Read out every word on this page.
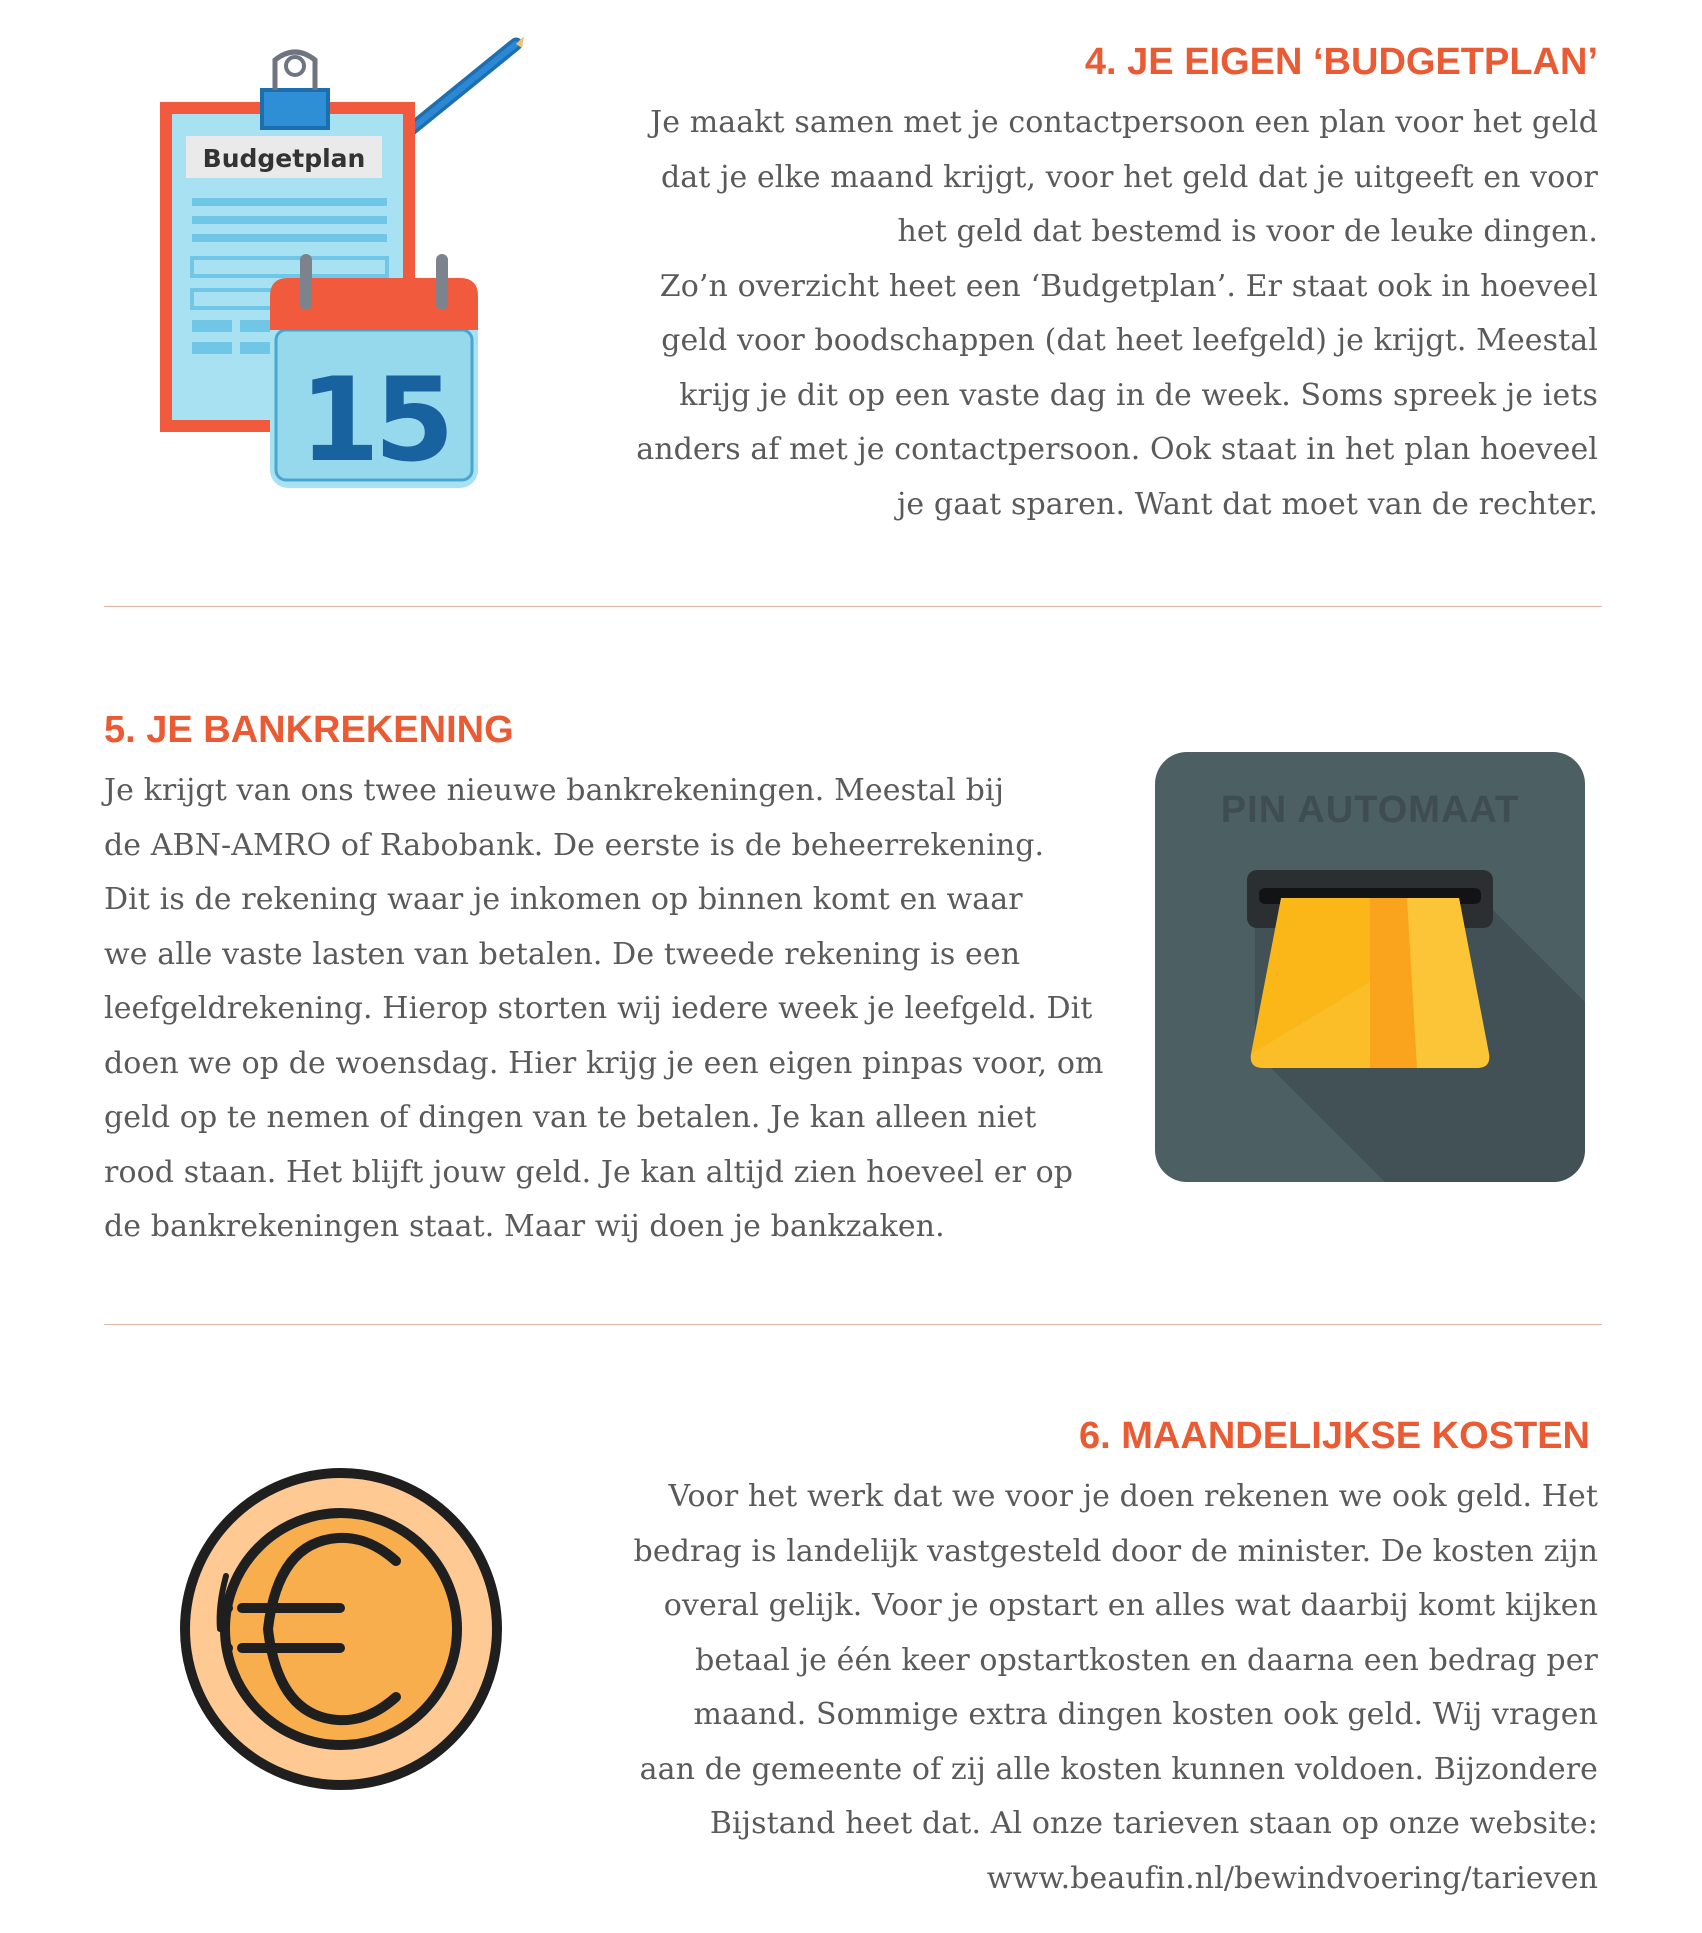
Budgetplan
15
4. JE EIGEN ‘BUDGETPLAN’
Je maakt samen met je contactpersoon een plan voor het geld
dat je elke maand krijgt, voor het geld dat je uitgeeft en voor
het geld dat bestemd is voor de leuke dingen.
Zo’n overzicht heet een ‘Budgetplan’. Er staat ook in hoeveel
geld voor boodschappen (dat heet leefgeld) je krijgt. Meestal
krijg je dit op een vaste dag in de week. Soms spreek je iets
anders af met je contactpersoon. Ook staat in het plan hoeveel
je gaat sparen. Want dat moet van de rechter.
5. JE BANKREKENING
Je krijgt van ons twee nieuwe bankrekeningen. Meestal bij
de ABN-AMRO of Rabobank. De eerste is de beheerrekening.
Dit is de rekening waar je inkomen op binnen komt en waar
we alle vaste lasten van betalen. De tweede rekening is een
leefgeldrekening. Hierop storten wij iedere week je leefgeld. Dit
doen we op de woensdag. Hier krijg je een eigen pinpas voor, om
geld op te nemen of dingen van te betalen. Je kan alleen niet
rood staan. Het blijft jouw geld. Je kan altijd zien hoeveel er op
de bankrekeningen staat. Maar wij doen je bankzaken.
PIN AUTOMAAT
6. MAANDELIJKSE KOSTEN
Voor het werk dat we voor je doen rekenen we ook geld. Het
bedrag is landelijk vastgesteld door de minister. De kosten zijn
overal gelijk. Voor je opstart en alles wat daarbij komt kijken
betaal je één keer opstartkosten en daarna een bedrag per
maand. Sommige extra dingen kosten ook geld. Wij vragen
aan de gemeente of zij alle kosten kunnen voldoen. Bijzondere
Bijstand heet dat. Al onze tarieven staan op onze website:
www.beaufin.nl/bewindvoering/tarieven
